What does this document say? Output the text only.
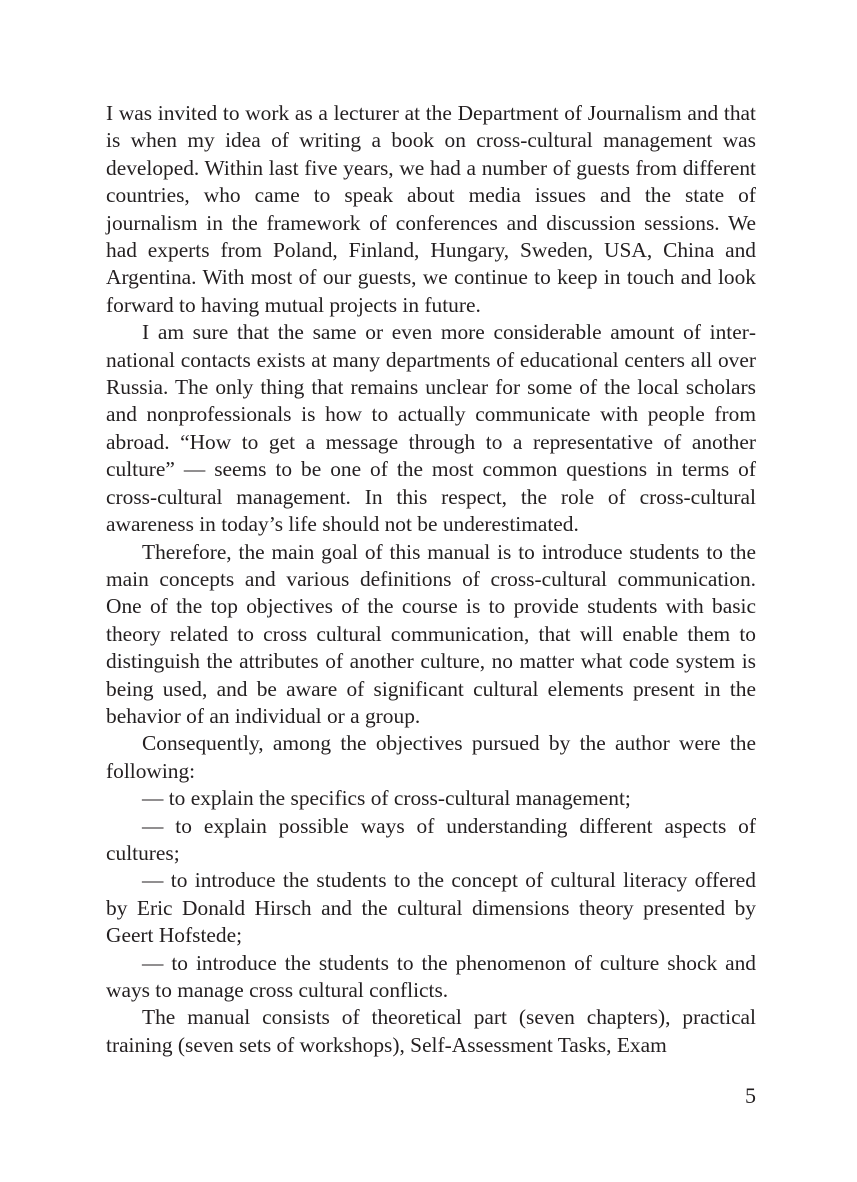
I was invited to work as a lecturer at the Department of Journalism and that is when my idea of writing a book on cross-cultural management was developed. Within last five years, we had a number of guests from different countries, who came to speak about media issues and the state of journalism in the framework of conferences and discussion sessions. We had experts from Poland, Finland, Hungary, Sweden, USA, China and Argentina. With most of our guests, we continue to keep in touch and look forward to having mutual projects in future.

I am sure that the same or even more considerable amount of international contacts exists at many departments of educational centers all over Russia. The only thing that remains unclear for some of the local scholars and nonprofessionals is how to actually communicate with people from abroad. “How to get a message through to a representative of another culture” — seems to be one of the most common questions in terms of cross-cultural management. In this respect, the role of cross-cultural awareness in today’s life should not be underestimated.

Therefore, the main goal of this manual is to introduce students to the main concepts and various definitions of cross-cultural communication. One of the top objectives of the course is to provide students with basic theory related to cross cultural communication, that will enable them to distinguish the attributes of another culture, no matter what code system is being used, and be aware of significant cultural elements present in the behavior of an individual or a group.

Consequently, among the objectives pursued by the author were the following:

— to explain the specifics of cross-cultural management;

— to explain possible ways of understanding different aspects of cultures;

— to introduce the students to the concept of cultural literacy offered by Eric Donald Hirsch and the cultural dimensions theory presented by Geert Hofstede;

— to introduce the students to the phenomenon of culture shock and ways to manage cross cultural conflicts.

The manual consists of theoretical part (seven chapters), practical training (seven sets of workshops), Self-Assessment Tasks, Exam

5
